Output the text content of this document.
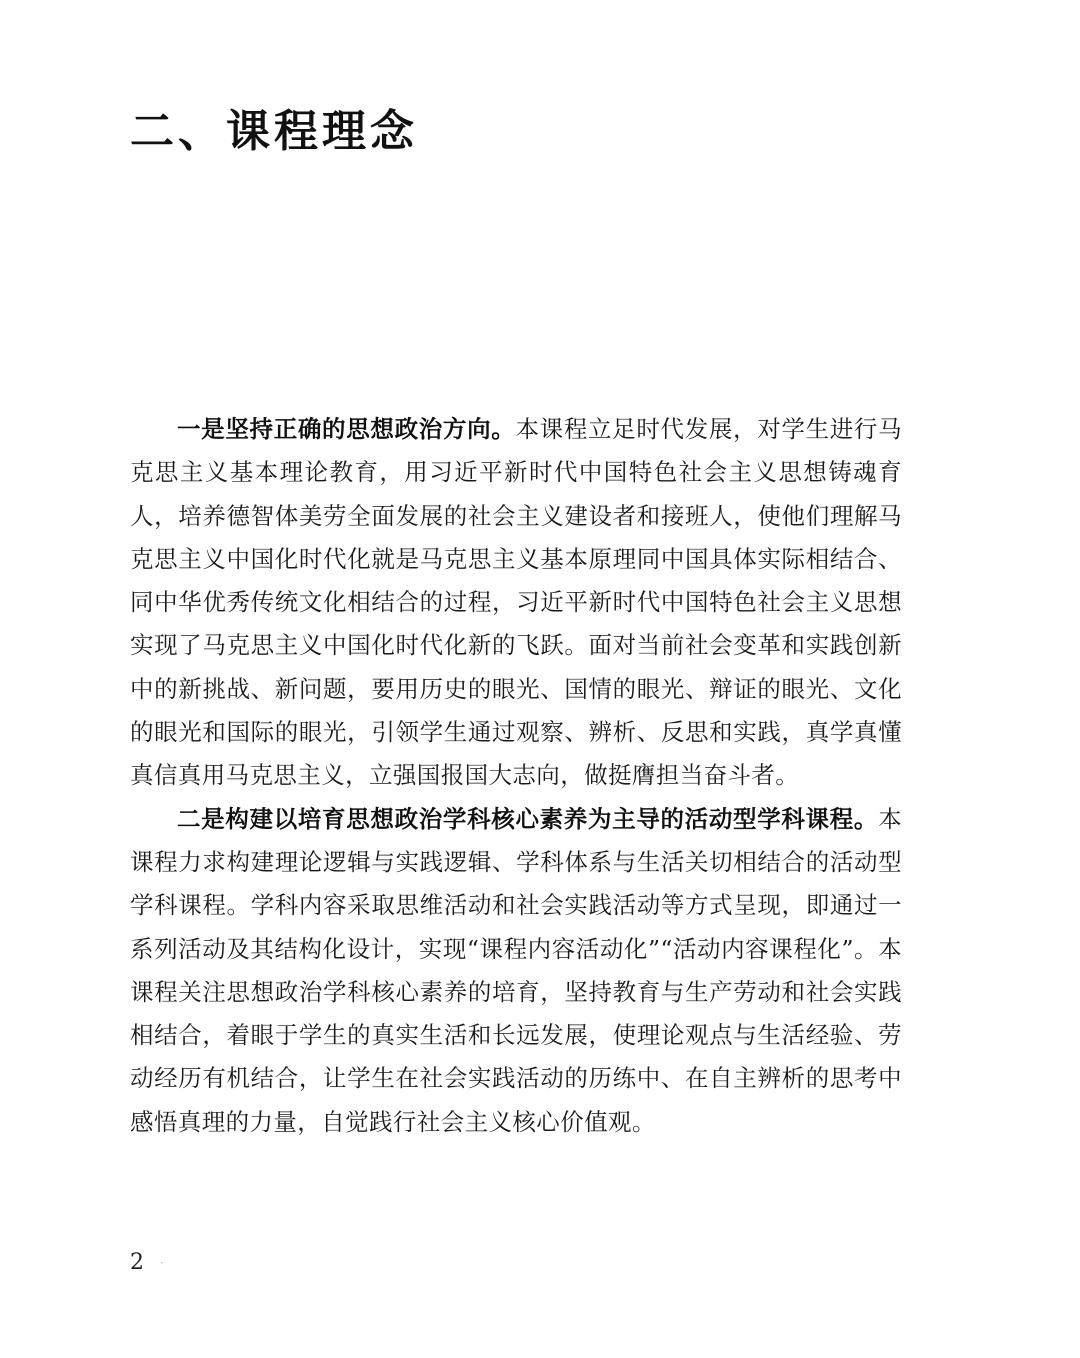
二、课程理念

一是坚持正确的思想政治方向。本课程立足时代发展，对学生进行马克思主义基本理论教育，用习近平新时代中国特色社会主义思想铸魂育人，培养德智体美劳全面发展的社会主义建设者和接班人，使他们理解马克思主义中国化时代化就是马克思主义基本原理同中国具体实际相结合、同中华优秀传统文化相结合的过程，习近平新时代中国特色社会主义思想实现了马克思主义中国化时代化新的飞跃。面对当前社会变革和实践创新中的新挑战、新问题，要用历史的眼光、国情的眼光、辩证的眼光、文化的眼光和国际的眼光，引领学生通过观察、辨析、反思和实践，真学真懂真信真用马克思主义，立强国报国大志向，做挺膺担当奋斗者。

二是构建以培育思想政治学科核心素养为主导的活动型学科课程。本课程力求构建理论逻辑与实践逻辑、学科体系与生活关切相结合的活动型学科课程。学科内容采取思维活动和社会实践活动等方式呈现，即通过一系列活动及其结构化设计，实现“课程内容活动化”“活动内容课程化”。本课程关注思想政治学科核心素养的培育，坚持教育与生产劳动和社会实践相结合，着眼于学生的真实生活和长远发展，使理论观点与生活经验、劳动经历有机结合，让学生在社会实践活动的历练中、在自主辨析的思考中感悟真理的力量，自觉践行社会主义核心价值观。

2 ·
